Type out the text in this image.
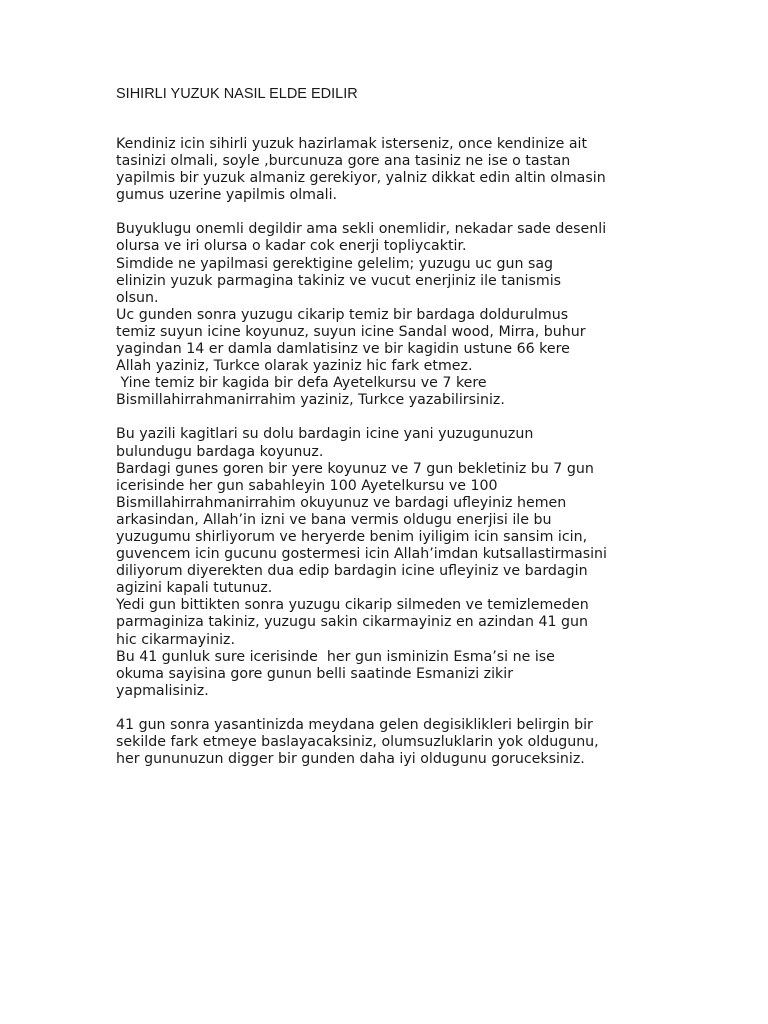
SIHIRLI YUZUK NASIL ELDE EDILIR
Kendiniz icin sihirli yuzuk hazirlamak isterseniz, once kendinize ait
tasinizi olmali, soyle ,burcunuza gore ana tasiniz ne ise o tastan
yapilmis bir yuzuk almaniz gerekiyor, yalniz dikkat edin altin olmasin
gumus uzerine yapilmis olmali.
Buyuklugu onemli degildir ama sekli onemlidir, nekadar sade desenli
olursa ve iri olursa o kadar cok enerji topliycaktir.
Simdide ne yapilmasi gerektigine gelelim; yuzugu uc gun sag
elinizin yuzuk parmagina takiniz ve vucut enerjiniz ile tanismis
olsun.
Uc gunden sonra yuzugu cikarip temiz bir bardaga doldurulmus
temiz suyun icine koyunuz, suyun icine Sandal wood, Mirra, buhur
yagindan 14 er damla damlatisinz ve bir kagidin ustune 66 kere
Allah yaziniz, Turkce olarak yaziniz hic fark etmez.
Yine temiz bir kagida bir defa Ayetelkursu ve 7 kere
Bismillahirrahmanirrahim yaziniz, Turkce yazabilirsiniz.
Bu yazili kagitlari su dolu bardagin icine yani yuzugunuzun
bulundugu bardaga koyunuz.
Bardagi gunes goren bir yere koyunuz ve 7 gun bekletiniz bu 7 gun
icerisinde her gun sabahleyin 100 Ayetelkursu ve 100
Bismillahirrahmanirrahim okuyunuz ve bardagi ufleyiniz hemen
arkasindan, Allah’in izni ve bana vermis oldugu enerjisi ile bu
yuzugumu shirliyorum ve heryerde benim iyiligim icin sansim icin,
guvencem icin gucunu gostermesi icin Allah’imdan kutsallastirmasini
diliyorum diyerekten dua edip bardagin icine ufleyiniz ve bardagin
agizini kapali tutunuz.
Yedi gun bittikten sonra yuzugu cikarip silmeden ve temizlemeden
parmaginiza takiniz, yuzugu sakin cikarmayiniz en azindan 41 gun
hic cikarmayiniz.
Bu 41 gunluk sure icerisinde  her gun isminizin Esma’si ne ise
okuma sayisina gore gunun belli saatinde Esmanizi zikir
yapmalisiniz.
41 gun sonra yasantinizda meydana gelen degisiklikleri belirgin bir
sekilde fark etmeye baslayacaksiniz, olumsuzluklarin yok oldugunu,
her gununuzun digger bir gunden daha iyi oldugunu goruceksiniz.
